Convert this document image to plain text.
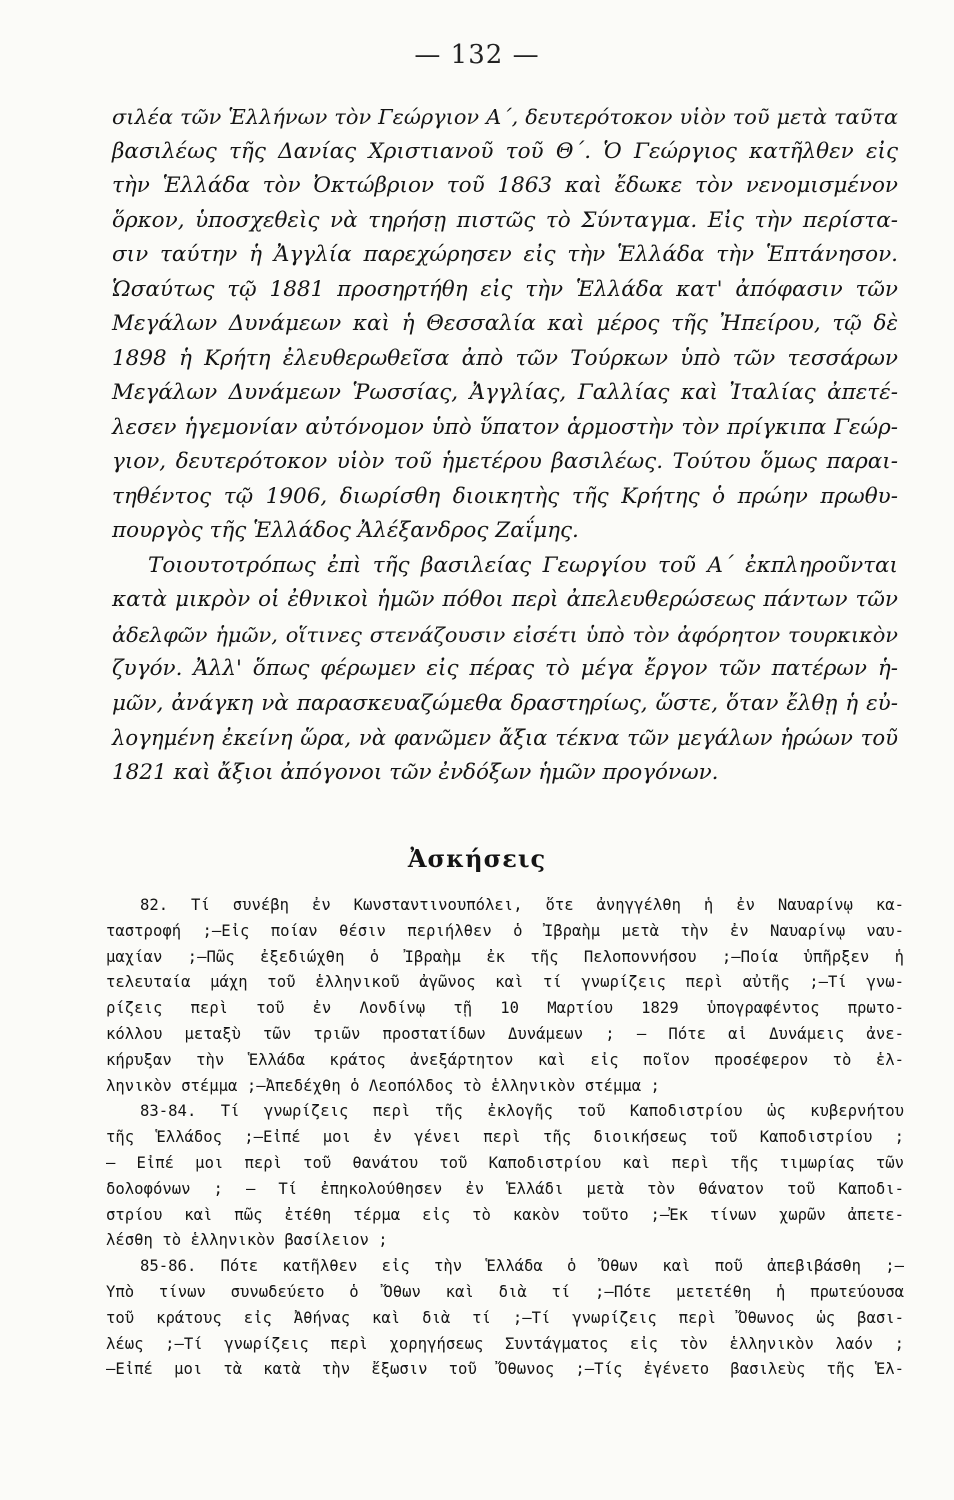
— 132 —
σιλέα τῶν Ἑλλήνων τὸν Γεώργιον Α΄, δευτερότοκον υἱὸν τοῦ μετὰ ταῦτα
βασιλέως τῆς Δανίας Χριστιανοῦ τοῦ Θ΄. Ὁ Γεώργιος κατῆλθεν εἰς
τὴν Ἑλλάδα τὸν Ὀκτώβριον τοῦ 1863 καὶ ἔδωκε τὸν νενομισμένον
ὅρκον, ὑποσχεθεὶς νὰ τηρήσῃ πιστῶς τὸ Σύνταγμα. Εἰς τὴν περίστα-
σιν ταύτην ἡ Ἀγγλία παρεχώρησεν εἰς τὴν Ἑλλάδα τὴν Ἑπτάνησον.
Ὡσαύτως τῷ 1881 προσηρτήθη εἰς τὴν Ἑλλάδα κατ' ἀπόφασιν τῶν
Μεγάλων Δυνάμεων καὶ ἡ Θεσσαλία καὶ μέρος τῆς Ἠπείρου, τῷ δὲ
1898 ἡ Κρήτη ἐλευθερωθεῖσα ἀπὸ τῶν Τούρκων ὑπὸ τῶν τεσσάρων
Μεγάλων Δυνάμεων Ῥωσσίας, Ἀγγλίας, Γαλλίας καὶ Ἰταλίας ἀπετέ-
λεσεν ἡγεμονίαν αὐτόνομον ὑπὸ ὕπατον ἁρμοστὴν τὸν πρίγκιπα Γεώρ-
γιον, δευτερότοκον υἱὸν τοῦ ἡμετέρου βασιλέως. Τούτου ὅμως παραι-
τηθέντος τῷ 1906, διωρίσθη διοικητὴς τῆς Κρήτης ὁ πρώην πρωθυ-
πουργὸς τῆς Ἑλλάδος Ἀλέξανδρος Ζαΐμης.
Τοιουτοτρόπως ἐπὶ τῆς βασιλείας Γεωργίου τοῦ Α΄ ἐκπληροῦνται
κατὰ μικρὸν οἱ ἐθνικοὶ ἡμῶν πόθοι περὶ ἀπελευθερώσεως πάντων τῶν
ἀδελφῶν ἡμῶν, οἵτινες στενάζουσιν εἰσέτι ὑπὸ τὸν ἀφόρητον τουρκικὸν
ζυγόν. Ἀλλ' ὅπως φέρωμεν εἰς πέρας τὸ μέγα ἔργον τῶν πατέρων ἡ-
μῶν, ἀνάγκη νὰ παρασκευαζώμεθα δραστηρίως, ὥστε, ὅταν ἔλθῃ ἡ εὐ-
λογημένη ἐκείνη ὥρα, νὰ φανῶμεν ἄξια τέκνα τῶν μεγάλων ἡρώων τοῦ
1821 καὶ ἄξιοι ἀπόγονοι τῶν ἐνδόξων ἡμῶν προγόνων.
Ἀσκήσεις
82. Τί συνέβη ἐν Κωνσταντινουπόλει, ὅτε ἀνηγγέλθη ἡ ἐν Ναυαρίνῳ κα-
ταστροφή ;—Εἰς ποίαν θέσιν περιήλθεν ὁ Ἰβραὴμ μετὰ τὴν ἐν Ναυαρίνῳ ναυ-
μαχίαν ;—Πῶς ἐξεδιώχθη ὁ Ἰβραὴμ ἐκ τῆς Πελοποννήσου ;—Ποία ὑπῆρξεν ἡ
τελευταία μάχη τοῦ ἑλληνικοῦ ἀγῶνος καὶ τί γνωρίζεις περὶ αὐτῆς ;—Τί γνω-
ρίζεις περὶ τοῦ ἐν Λονδίνῳ τῇ 10 Μαρτίου 1829 ὑπογραφέντος πρωτο-
κόλλου μεταξὺ τῶν τριῶν προστατίδων Δυνάμεων ; — Πότε αἱ Δυνάμεις ἀνε-
κήρυξαν τὴν Ἑλλάδα κράτος ἀνεξάρτητον καὶ εἰς ποῖον προσέφερον τὸ ἑλ-
ληνικὸν στέμμα ;—Ἀπεδέχθη ὁ Λεοπόλδος τὸ ἑλληνικὸν στέμμα ;
83-84. Τί γνωρίζεις περὶ τῆς ἐκλογῆς τοῦ Καποδιστρίου ὡς κυβερνήτου
τῆς Ἑλλάδος ;—Εἰπέ μοι ἐν γένει περὶ τῆς διοικήσεως τοῦ Καποδιστρίου ;
— Εἰπέ μοι περὶ τοῦ θανάτου τοῦ Καποδιστρίου καὶ περὶ τῆς τιμωρίας τῶν
δολοφόνων ; — Τί ἐπηκολούθησεν ἐν Ἑλλάδι μετὰ τὸν θάνατον τοῦ Καποδι-
στρίου καὶ πῶς ἐτέθη τέρμα εἰς τὸ κακὸν τοῦτο ;—Ἐκ τίνων χωρῶν ἀπετε-
λέσθη τὸ ἑλληνικὸν βασίλειον ;
85-86. Πότε κατῆλθεν εἰς τὴν Ἑλλάδα ὁ Ὄθων καὶ ποῦ ἀπεβιβάσθη ;—
Ὑπὸ τίνων συνωδεύετο ὁ Ὄθων καὶ διὰ τί ;—Πότε μετετέθη ἡ πρωτεύουσα
τοῦ κράτους εἰς Ἀθήνας καὶ διὰ τί ;—Τί γνωρίζεις περὶ Ὄθωνος ὡς βασι-
λέως ;—Τί γνωρίζεις περὶ χορηγήσεως Συντάγματος εἰς τὸν ἑλληνικὸν λαόν ;
—Εἰπέ μοι τὰ κατὰ τὴν ἔξωσιν τοῦ Ὄθωνος ;—Τίς ἐγένετο βασιλεὺς τῆς Ἑλ-
